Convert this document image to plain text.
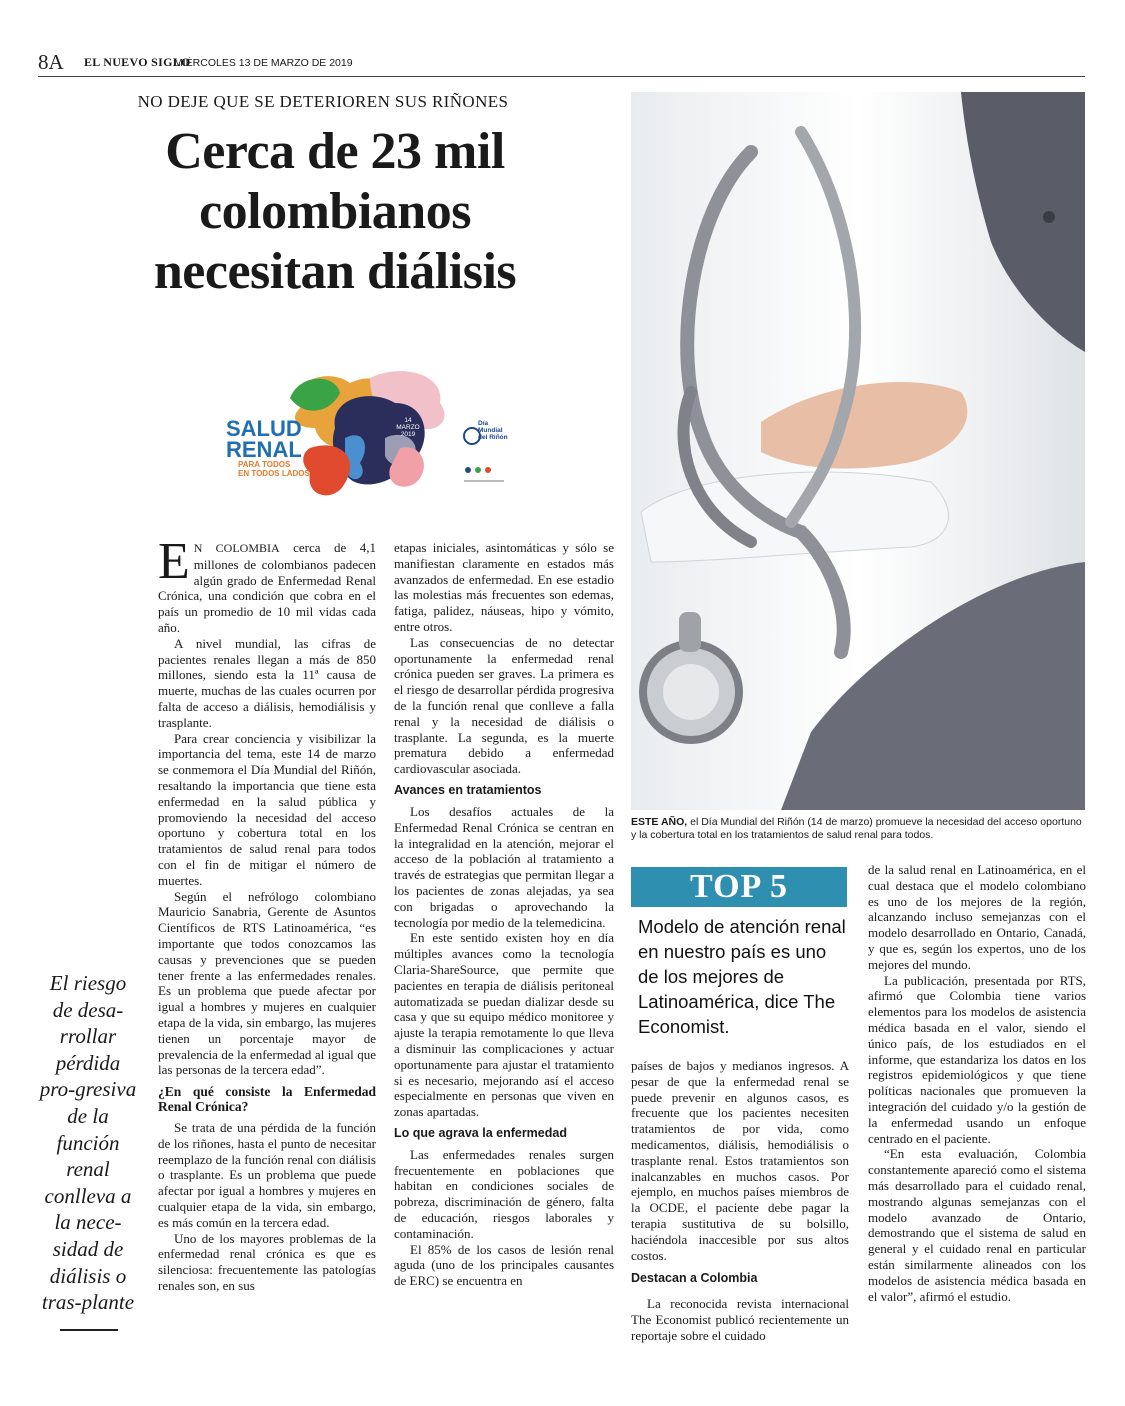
8A EL NUEVO SIGLO
MIÉRCOLES 13 DE MARZO DE 2019
NO DEJE QUE SE DETERIOREN SUS RIÑONES
Cerca de 23 mil
colombianos
necesitan diálisis
SALUD
RENAL
PARA TODOS
EN TODOS LADOS
14
MARZO
2019
Día
Mundial
del Riñón
El riesgo de desa-rrollar pérdida pro-gresiva de la función renal conlleva a la nece-sidad de diálisis o tras-plante

E N COLOMBIA cerca de 4,1 millones de colombianos padecen algún grado de Enfermedad Renal Crónica, una condición que cobra en el país un promedio de 10 mil vidas cada año.

A nivel mundial, las cifras de pacientes renales llegan a más de 850 millones, siendo esta la 11ª causa de muerte, muchas de las cuales ocurren por falta de acceso a diálisis, hemodiálisis y trasplante.

Para crear conciencia y visibilizar la importancia del tema, este 14 de marzo se conmemora el Día Mundial del Riñón, resaltando la importancia que tiene esta enfermedad en la salud pública y promoviendo la necesidad del acceso oportuno y cobertura total en los tratamientos de salud renal para todos con el fin de mitigar el número de muertes.

Según el nefrólogo colombiano Mauricio Sanabria, Gerente de Asuntos Científicos de RTS Latinoamérica, “es importante que todos conozcamos las causas y prevenciones que se pueden tener frente a las enfermedades renales. Es un problema que puede afectar por igual a hombres y mujeres en cualquier etapa de la vida, sin embargo, las mujeres tienen un porcentaje mayor de prevalencia de la enfermedad al igual que las personas de la tercera edad”.

¿En qué consiste la Enfermedad Renal Crónica?

Se trata de una pérdida de la función de los riñones, hasta el punto de necesitar reemplazo de la función renal con diálisis o trasplante. Es un problema que puede afectar por igual a hombres y mujeres en cualquier etapa de la vida, sin embargo, es más común en la tercera edad.

Uno de los mayores problemas de la enfermedad renal crónica es que es silenciosa: frecuentemente las patologías renales son, en sus

etapas iniciales, asintomáticas y sólo se manifiestan claramente en estados más avanzados de enfermedad. En ese estadio las molestias más frecuentes son edemas, fatiga, palidez, náuseas, hipo y vómito, entre otros.

Las consecuencias de no detectar oportunamente la enfermedad renal crónica pueden ser graves. La primera es el riesgo de desarrollar pérdida progresiva de la función renal que conlleve a falla renal y la necesidad de diálisis o trasplante. La segunda, es la muerte prematura debido a enfermedad cardiovascular asociada.

Avances en tratamientos

Los desafíos actuales de la Enfermedad Renal Crónica se centran en la integralidad en la atención, mejorar el acceso de la población al tratamiento a través de estrategias que permitan llegar a los pacientes de zonas alejadas, ya sea con brigadas o aprovechando la tecnología por medio de la telemedicina.

En este sentido existen hoy en día múltiples avances como la tecnología Claria-ShareSource, que permite que pacientes en terapia de diálisis peritoneal automatizada se puedan dializar desde su casa y que su equipo médico monitoree y ajuste la terapia remotamente lo que lleva a disminuir las complicaciones y actuar oportunamente para ajustar el tratamiento si es necesario, mejorando así el acceso especialmente en personas que viven en zonas apartadas.

Lo que agrava la enfermedad

Las enfermedades renales surgen frecuentemente en poblaciones que habitan en condiciones sociales de pobreza, discriminación de género, falta de educación, riesgos laborales y contaminación.

El 85% de los casos de lesión renal aguda (uno de los principales causantes de ERC) se encuentra en

ESTE AÑO, el Día Mundial del Riñón (14 de marzo) promueve la necesidad del acceso oportuno y la cobertura total en los tratamientos de salud renal para todos.
TOP 5
Modelo de atención renal en nuestro país es uno de los mejores de Latinoamérica, dice The Economist.

países de bajos y medianos ingresos. A pesar de que la enfermedad renal se puede prevenir en algunos casos, es frecuente que los pacientes necesiten tratamientos de por vida, como medicamentos, diálisis, hemodiálisis o trasplante renal. Estos tratamientos son inalcanzables en muchos casos. Por ejemplo, en muchos países miembros de la OCDE, el paciente debe pagar la terapia sustitutiva de su bolsillo, haciéndola inaccesible por sus altos costos.

Destacan a Colombia

La reconocida revista internacional The Economist publicó recientemente un reportaje sobre el cuidado

de la salud renal en Latinoamérica, en el cual destaca que el modelo colombiano es uno de los mejores de la región, alcanzando incluso semejanzas con el modelo desarrollado en Ontario, Canadá, y que es, según los expertos, uno de los mejores del mundo.

La publicación, presentada por RTS, afirmó que Colombia tiene varios elementos para los modelos de asistencia médica basada en el valor, siendo el único país, de los estudiados en el informe, que estandariza los datos en los registros epidemiológicos y que tiene políticas nacionales que promueven la integración del cuidado y/o la gestión de la enfermedad usando un enfoque centrado en el paciente.

“En esta evaluación, Colombia constantemente apareció como el sistema más desarrollado para el cuidado renal, mostrando algunas semejanzas con el modelo avanzado de Ontario, demostrando que el sistema de salud en general y el cuidado renal en particular están similarmente alineados con los modelos de asistencia médica basada en el valor”, afirmó el estudio.
